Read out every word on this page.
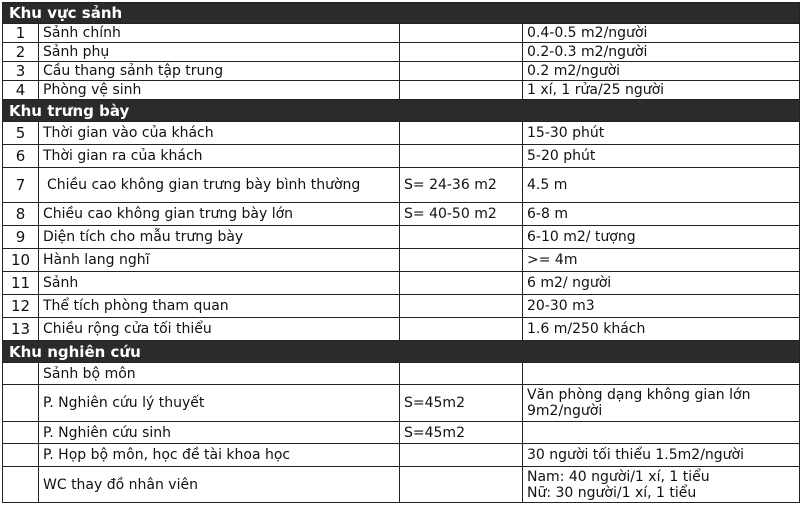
Khu vực sảnh			
1	Sảnh chính		0.4-0.5 m2/người
2	Sảnh phụ		0.2-0.3 m2/người
3	Cầu thang sảnh tập trung		0.2 m2/người
4	Phòng vệ sinh		1 xí, 1 rửa/25 người
Khu trưng bày			
5	Thời gian vào của khách		15-30 phút
6	Thời gian ra của khách		5-20 phút
7	Chiều cao không gian trưng bày bình thường	S= 24-36 m2	4.5 m
8	Chiều cao không gian trưng bày lớn	S= 40-50 m2	6-8 m
9	Diện tích cho mẫu trưng bày		6-10 m2/ tượng
10	Hành lang nghĩ		>= 4m
11	Sảnh		6 m2/ người
12	Thể tích phòng tham quan		20-30 m3
13	Chiều rộng cửa tối thiểu		1.6 m/250 khách
Khu nghiên cứu			
	Sảnh bộ môn		
	P. Nghiên cứu lý thuyết	S=45m2	Văn phòng dạng không gian lớn 9m2/người
	P. Nghiên cứu sinh	S=45m2	
	P. Họp bộ môn, học đề tài khoa học		30 người tối thiểu 1.5m2/người
	WC thay đồ nhân viên		Nam: 40 người/1 xí, 1 tiểu
Nữ: 30 người/1 xí, 1 tiểu
